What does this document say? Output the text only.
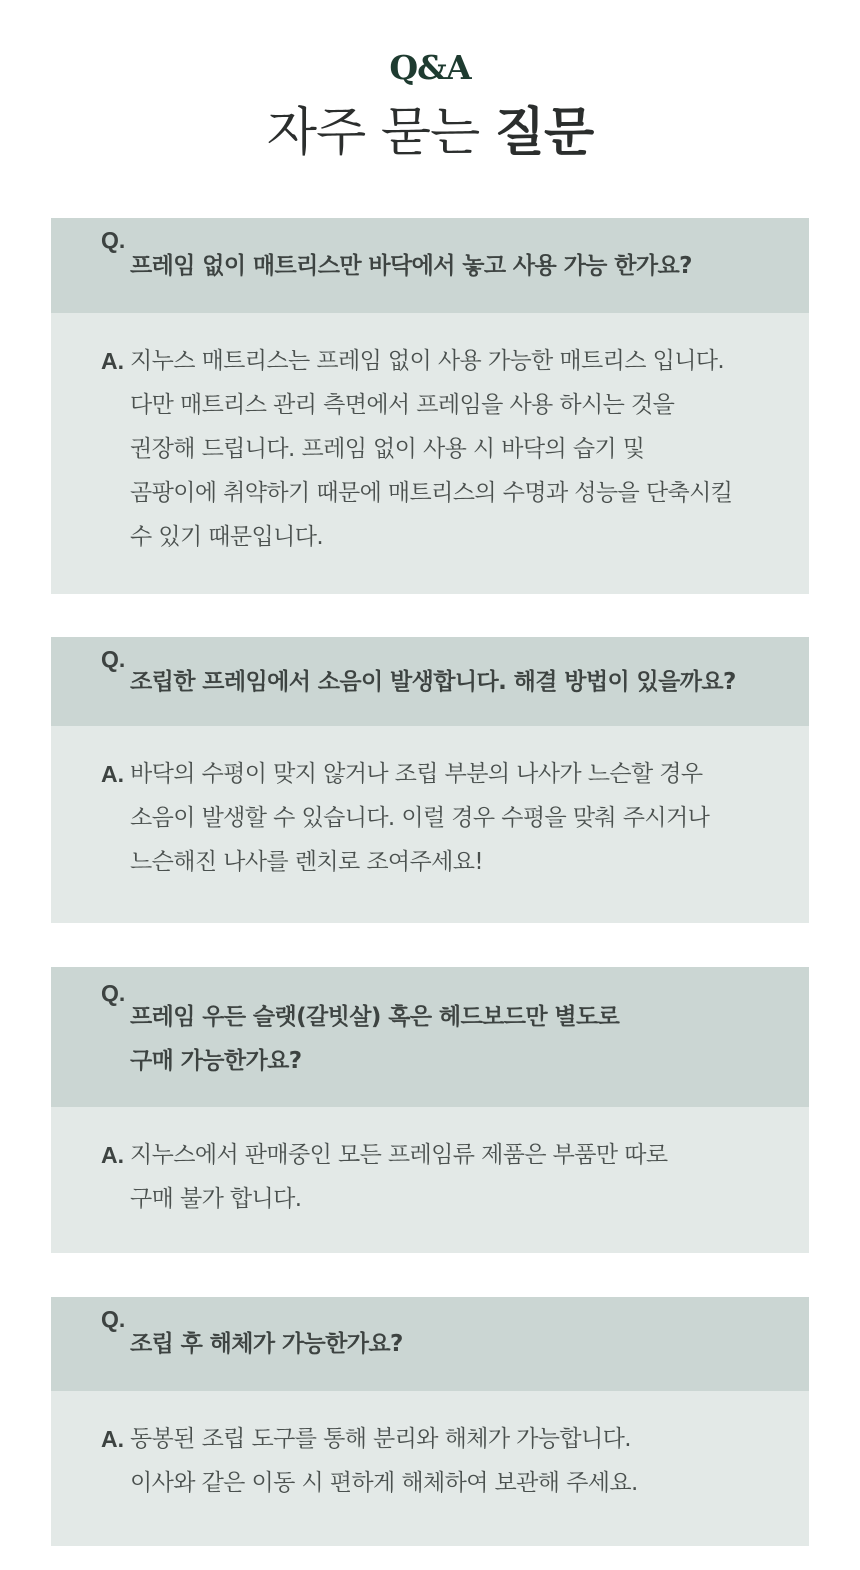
Q&A
자주 묻는 질문
Q.
프레임 없이 매트리스만 바닥에서 놓고 사용 가능 한가요?
A. 지누스 매트리스는 프레임 없이 사용 가능한 매트리스 입니다.
다만 매트리스 관리 측면에서 프레임을 사용 하시는 것을
권장해 드립니다. 프레임 없이 사용 시 바닥의 습기 및
곰팡이에 취약하기 때문에 매트리스의 수명과 성능을 단축시킬
수 있기 때문입니다.
Q.
조립한 프레임에서 소음이 발생합니다. 해결 방법이 있을까요?
A. 바닥의 수평이 맞지 않거나 조립 부분의 나사가 느슨할 경우
소음이 발생할 수 있습니다. 이럴 경우 수평을 맞춰 주시거나
느슨해진 나사를 렌치로 조여주세요!
Q.
프레임 우든 슬랫(갈빗살) 혹은 헤드보드만 별도로
구매 가능한가요?
A. 지누스에서 판매중인 모든 프레임류 제품은 부품만 따로
구매 불가 합니다.
Q.
조립 후 해체가 가능한가요?
A. 동봉된 조립 도구를 통해 분리와 해체가 가능합니다.
이사와 같은 이동 시 편하게 해체하여 보관해 주세요.
